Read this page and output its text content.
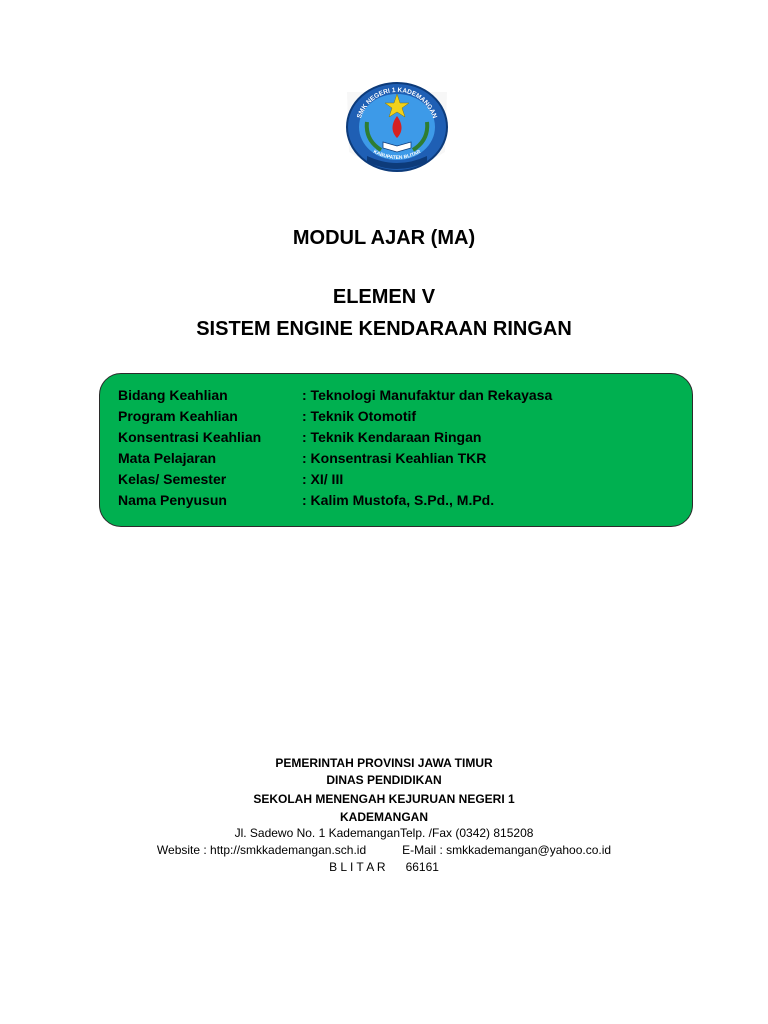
SMK NEGERI 1 KADEMANGAN
KABUPATEN BLITAR
MODUL AJAR (MA)
ELEMEN V
SISTEM ENGINE KENDARAAN RINGAN
Bidang Keahlian	: Teknologi Manufaktur dan Rekayasa
Program Keahlian	: Teknik Otomotif
Konsentrasi Keahlian	: Teknik Kendaraan Ringan
Mata Pelajaran	: Konsentrasi Keahlian TKR
Kelas/ Semester	: XI/ III
Nama Penyusun	: Kalim Mustofa, S.Pd., M.Pd.
PEMERINTAH PROVINSI JAWA TIMUR
DINAS PENDIDIKAN
SEKOLAH MENENGAH KEJURUAN NEGERI 1
KADEMANGAN
Jl. Sadewo No. 1 KademanganTelp. /Fax (0342) 815208
Website : http://smkkademangan.sch.id	E-Mail : smkkademangan@yahoo.co.id
B L I T A R 66161
